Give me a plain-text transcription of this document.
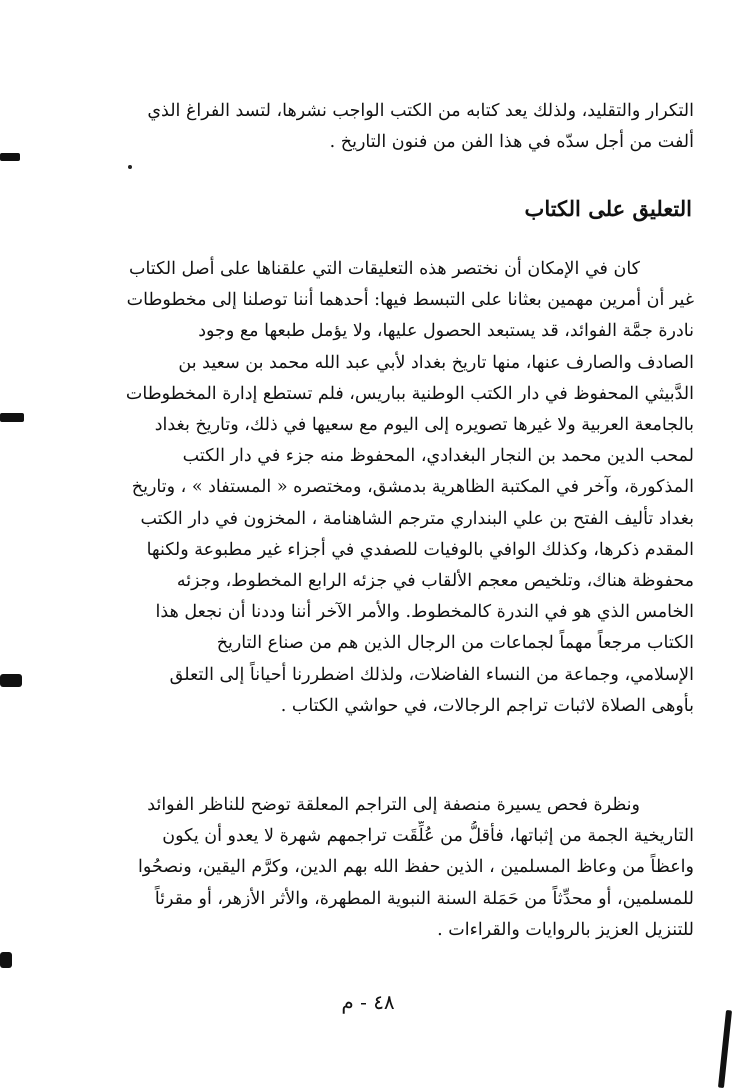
التكرار والتقليد، ولذلك يعد كتابه من الكتب الواجب نشرها، لتسد الفراغ الذي
ألفت من أجل سدّه في هذا الفن من فنون التاريخ .
التعليق على الكتاب
كان في الإمكان أن نختصر هذه التعليقات التي علقناها على أصل الكتاب
غير أن أمرين مهمين بعثانا على التبسط فيها: أحدهما أننا توصلنا إلى مخطوطات
نادرة جمَّة الفوائد، قد يستبعد الحصول عليها، ولا يؤمل طبعها مع وجود
الصادف والصارف عنها، منها تاريخ بغداد لأبي عبد الله محمد بن سعيد بن
الدَّبيثي المحفوظ في دار الكتب الوطنية بباريس، فلم تستطع إدارة المخطوطات
بالجامعة العربية ولا غيرها تصويره إلى اليوم مع سعيها في ذلك، وتاريخ بغداد
لمحب الدين محمد بن النجار البغدادي، المحفوظ منه جزء في دار الكتب
المذكورة، وآخر في المكتبة الظاهرية بدمشق، ومختصره « المستفاد » ، وتاريخ
بغداد تأليف الفتح بن علي البنداري مترجم الشاهنامة ، المخزون في دار الكتب
المقدم ذكرها، وكذلك الوافي بالوفيات للصفدي في أجزاء غير مطبوعة ولكنها
محفوظة هناك، وتلخيص معجم الألقاب في جزئه الرابع المخطوط، وجزئه
الخامس الذي هو في الندرة كالمخطوط. والأمر الآخر أننا وددنا أن نجعل هذا
الكتاب مرجعاً مهماً لجماعات من الرجال الذين هم من صناع التاريخ
الإسلامي، وجماعة من النساء الفاضلات، ولذلك اضطررنا أحياناً إلى التعلق
بأوهى الصلاة لاثبات تراجم الرجالات، في حواشي الكتاب .
ونظرة فحص يسيرة منصفة إلى التراجم المعلقة توضح للناظر الفوائد
التاريخية الجمة من إثباتها، فأقلُّ من عُلِّقَت تراجمهم شهرة لا يعدو أن يكون
واعظاً من وعاظ المسلمين ، الذين حفظ الله بهم الدين، وكرَّم اليقين، ونصحُوا
للمسلمين، أو محدِّثاً من حَمَلة السنة النبوية المطهرة، والأثر الأزهر، أو مقرئاً
للتنزيل العزيز بالروايات والقراءات .
٤٨ - م
